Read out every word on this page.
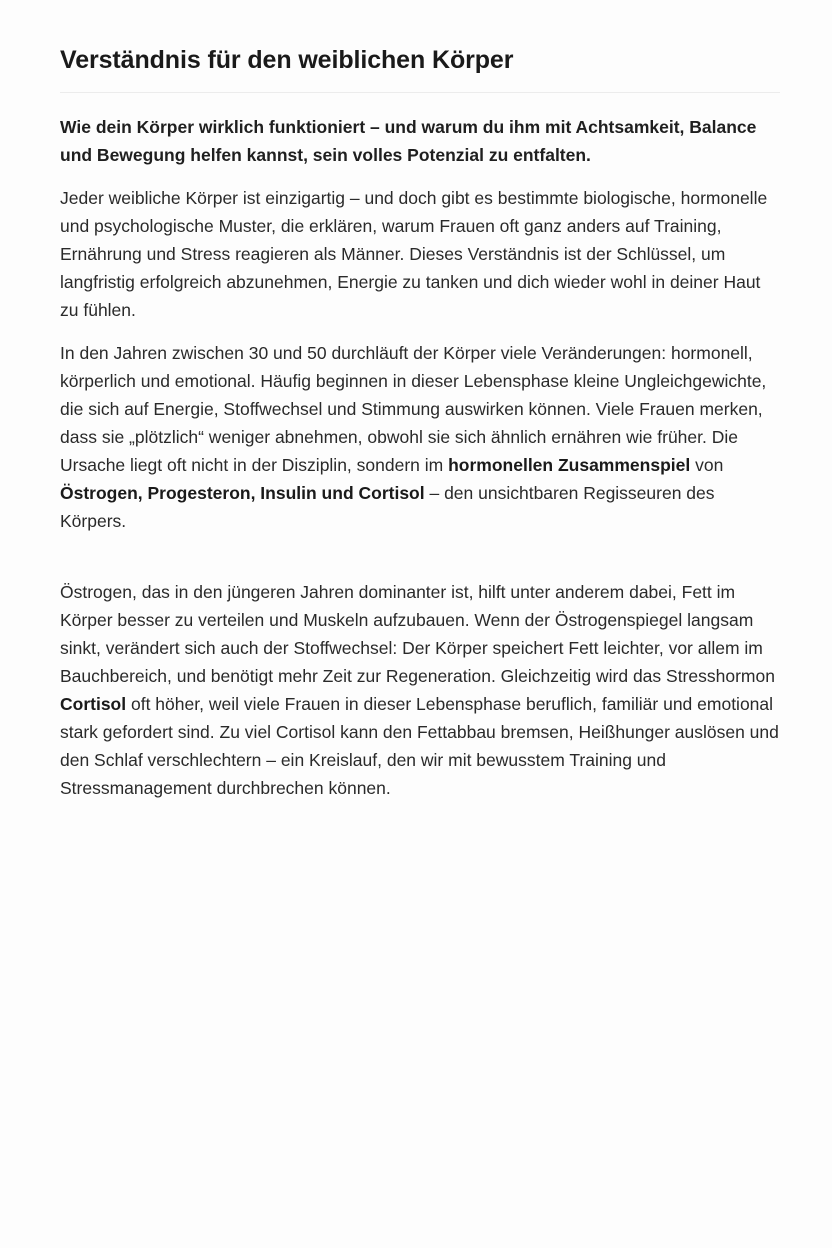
Verständnis für den weiblichen Körper

Wie dein Körper wirklich funktioniert – und warum du ihm mit Achtsamkeit, Balance und Bewegung helfen kannst, sein volles Potenzial zu entfalten.

Jeder weibliche Körper ist einzigartig – und doch gibt es bestimmte biologische, hormonelle und psychologische Muster, die erklären, warum Frauen oft ganz anders auf Training, Ernährung und Stress reagieren als Männer. Dieses Verständnis ist der Schlüssel, um langfristig erfolgreich abzunehmen, Energie zu tanken und dich wieder wohl in deiner Haut zu fühlen.

In den Jahren zwischen 30 und 50 durchläuft der Körper viele Veränderungen: hormonell, körperlich und emotional. Häufig beginnen in dieser Lebensphase kleine Ungleichgewichte, die sich auf Energie, Stoffwechsel und Stimmung auswirken können. Viele Frauen merken, dass sie „plötzlich“ weniger abnehmen, obwohl sie sich ähnlich ernähren wie früher. Die Ursache liegt oft nicht in der Disziplin, sondern im hormonellen Zusammenspiel von Östrogen, Progesteron, Insulin und Cortisol – den unsichtbaren Regisseuren des Körpers.

Östrogen, das in den jüngeren Jahren dominanter ist, hilft unter anderem dabei, Fett im Körper besser zu verteilen und Muskeln aufzubauen. Wenn der Östrogenspiegel langsam sinkt, verändert sich auch der Stoffwechsel: Der Körper speichert Fett leichter, vor allem im Bauchbereich, und benötigt mehr Zeit zur Regeneration. Gleichzeitig wird das Stresshormon Cortisol oft höher, weil viele Frauen in dieser Lebensphase beruflich, familiär und emotional stark gefordert sind. Zu viel Cortisol kann den Fettabbau bremsen, Heißhunger auslösen und den Schlaf verschlechtern – ein Kreislauf, den wir mit bewusstem Training und Stressmanagement durchbrechen können.
